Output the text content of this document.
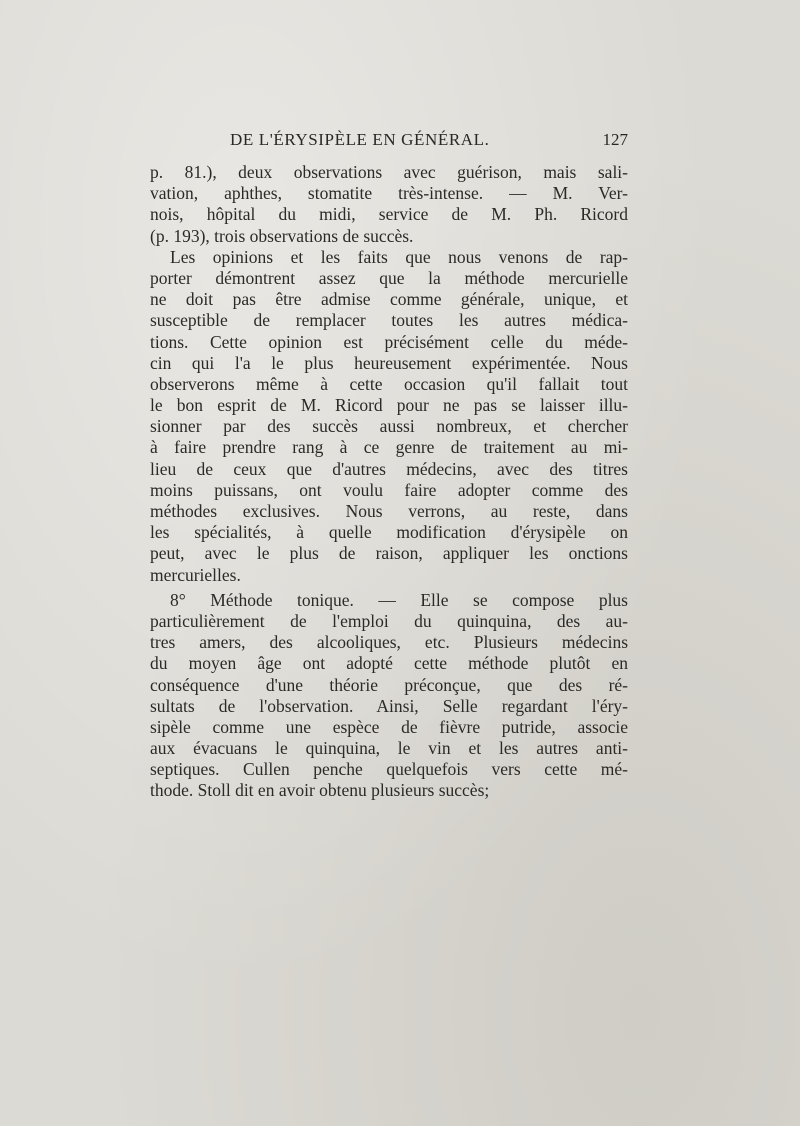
DE L'ÉRYSIPÈLE EN GÉNÉRAL.	127
p. 81.), deux observations avec guérison, mais sali-
vation, aphthes, stomatite très-intense. — M. Ver-
nois, hôpital du midi, service de M. Ph. Ricord
(p. 193), trois observations de succès.
Les opinions et les faits que nous venons de rap-
porter démontrent assez que la méthode mercurielle
ne doit pas être admise comme générale, unique, et
susceptible de remplacer toutes les autres médica-
tions. Cette opinion est précisément celle du méde-
cin qui l'a le plus heureusement expérimentée. Nous
observerons même à cette occasion qu'il fallait tout
le bon esprit de M. Ricord pour ne pas se laisser illu-
sionner par des succès aussi nombreux, et chercher
à faire prendre rang à ce genre de traitement au mi-
lieu de ceux que d'autres médecins, avec des titres
moins puissans, ont voulu faire adopter comme des
méthodes exclusives. Nous verrons, au reste, dans
les spécialités, à quelle modification d'érysipèle on
peut, avec le plus de raison, appliquer les onctions
mercurielles.
8° Méthode tonique. — Elle se compose plus
particulièrement de l'emploi du quinquina, des au-
tres amers, des alcooliques, etc. Plusieurs médecins
du moyen âge ont adopté cette méthode plutôt en
conséquence d'une théorie préconçue, que des ré-
sultats de l'observation. Ainsi, Selle regardant l'éry-
sipèle comme une espèce de fièvre putride, associe
aux évacuans le quinquina, le vin et les autres anti-
septiques. Cullen penche quelquefois vers cette mé-
thode. Stoll dit en avoir obtenu plusieurs succès;
